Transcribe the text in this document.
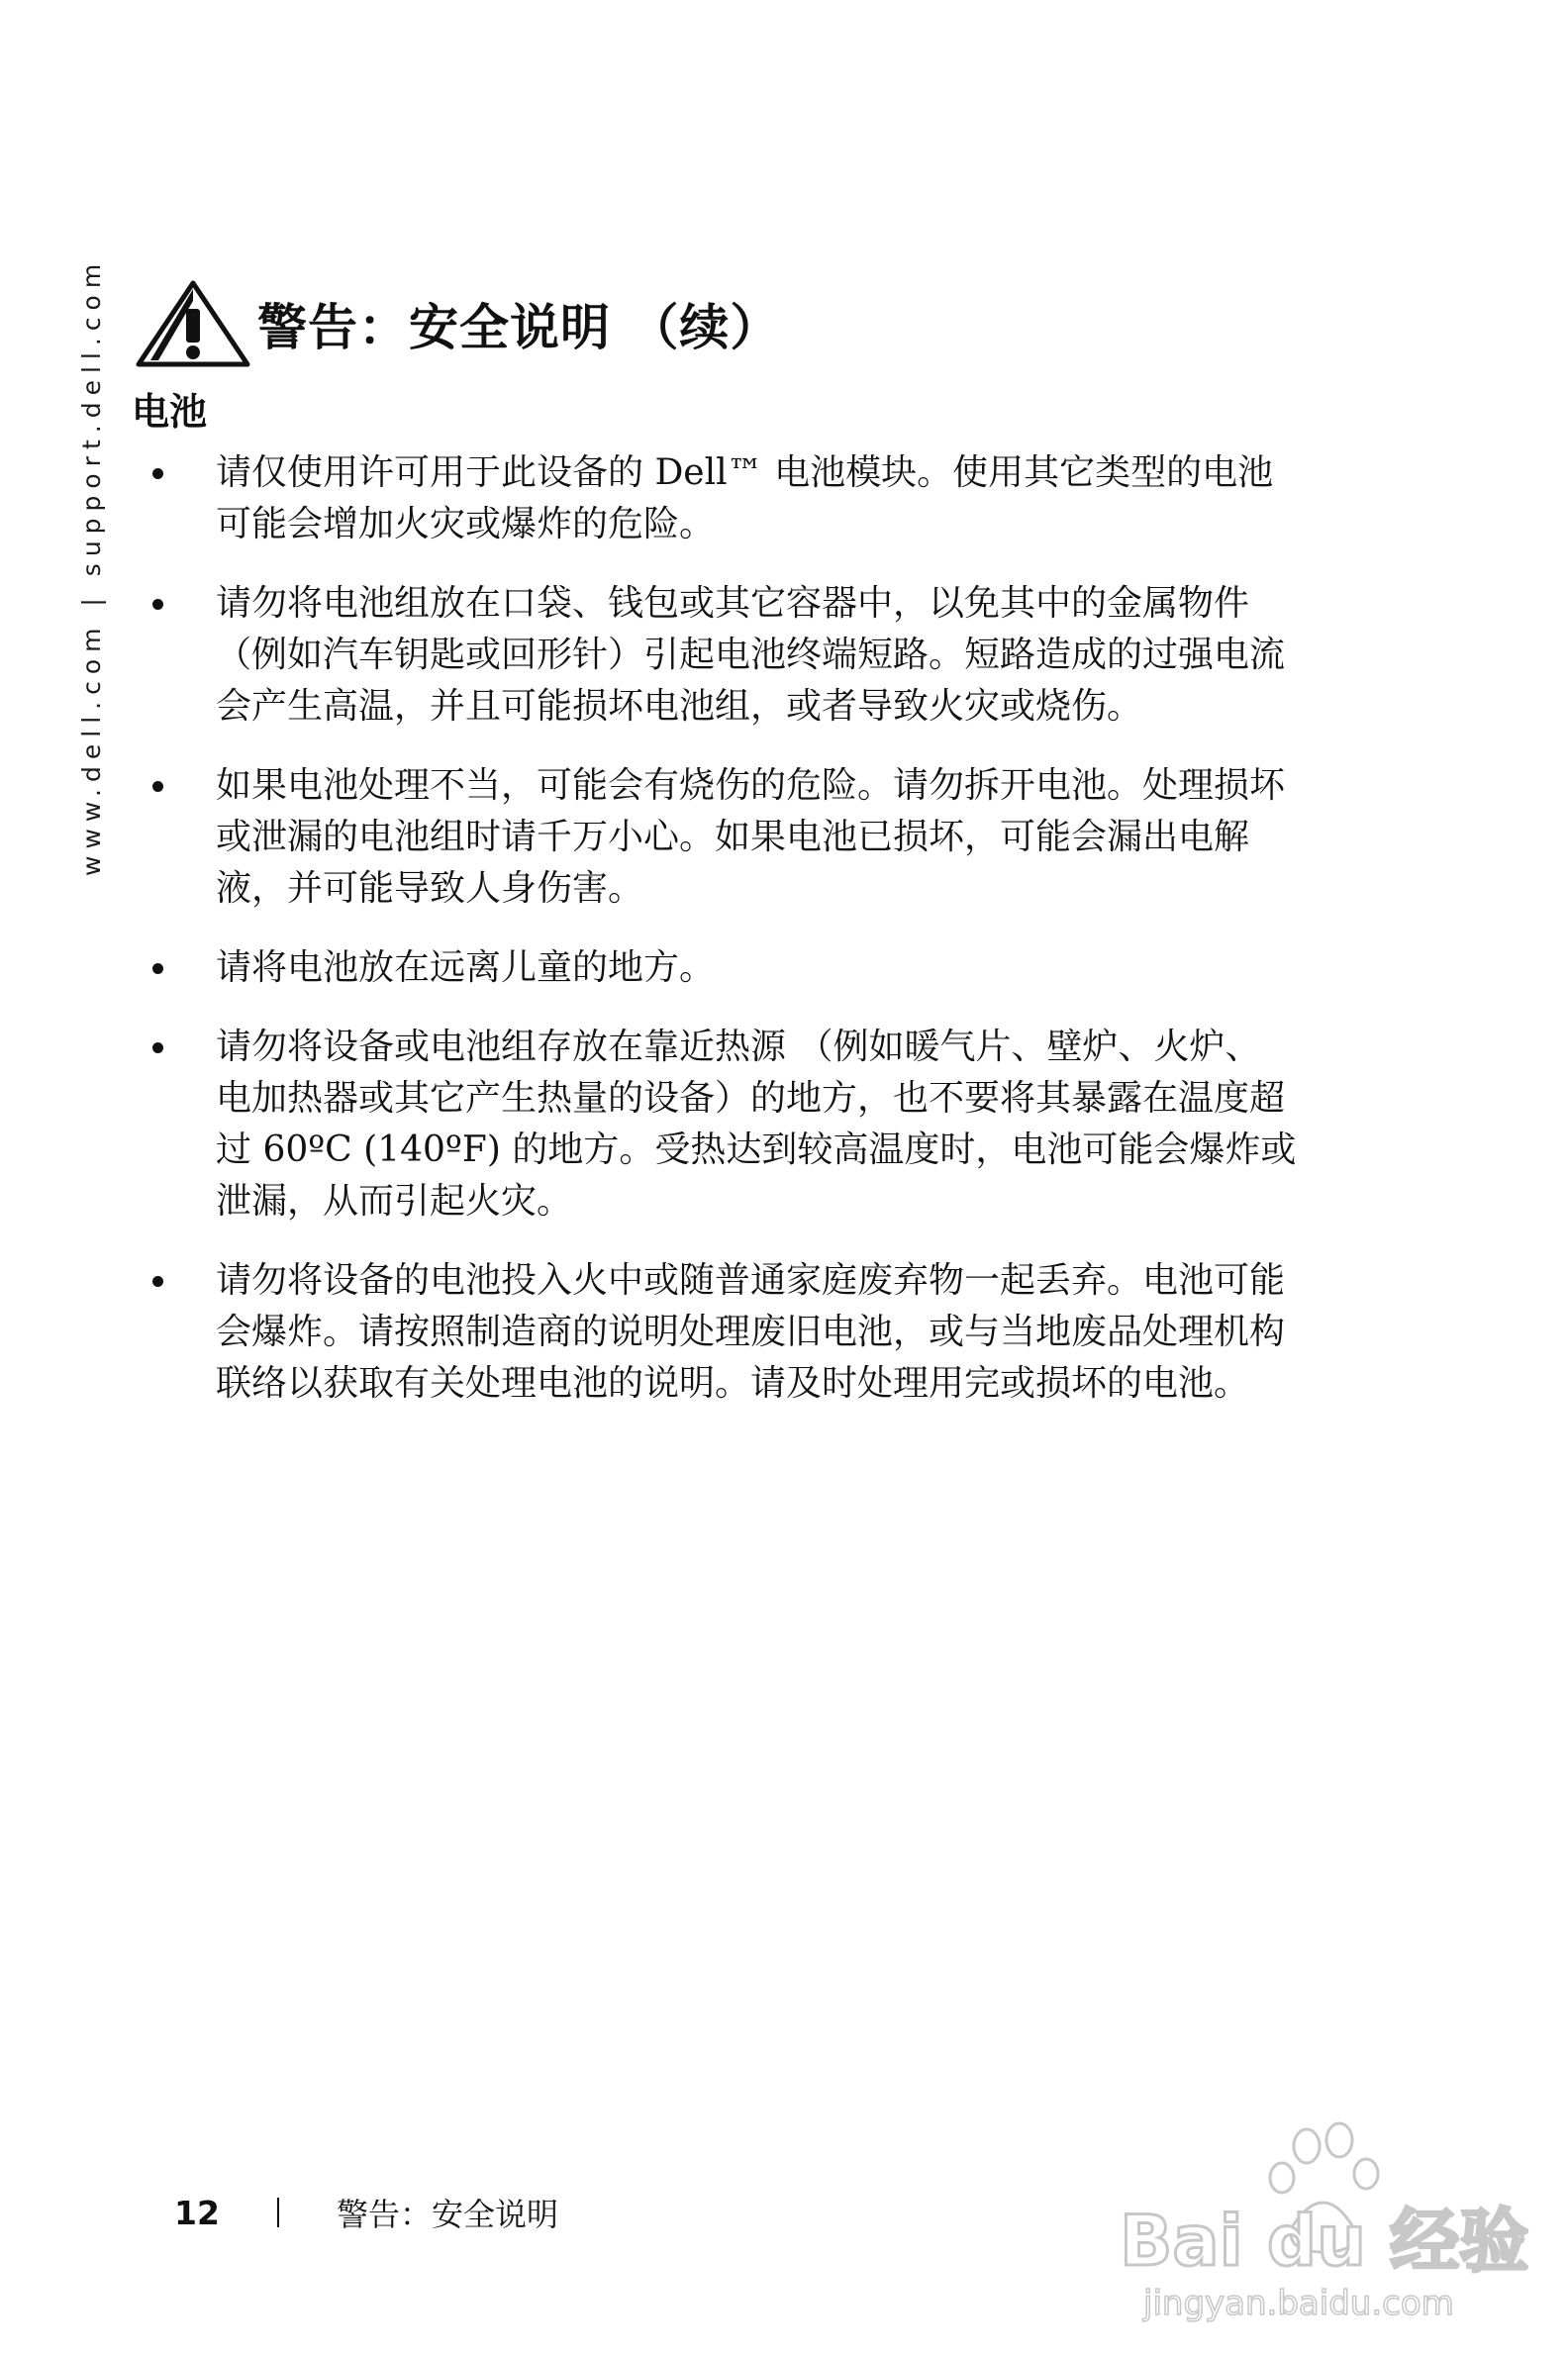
www.dell.com | support.dell.com	警告：安全说明 （续）
电池
请仅使用许可用于此设备的 Dell™ 电池模块。使用其它类型的电池
可能会增加火灾或爆炸的危险。
请勿将电池组放在口袋、钱包或其它容器中，以免其中的金属物件
（例如汽车钥匙或回形针）引起电池终端短路。短路造成的过强电流
会产生高温，并且可能损坏电池组，或者导致火灾或烧伤。
如果电池处理不当，可能会有烧伤的危险。请勿拆开电池。处理损坏
或泄漏的电池组时请千万小心。如果电池已损坏，可能会漏出电解
液，并可能导致人身伤害。
请将电池放在远离儿童的地方。
请勿将设备或电池组存放在靠近热源 （例如暖气片、壁炉、火炉、
电加热器或其它产生热量的设备）的地方，也不要将其暴露在温度超
过 60ºC (140ºF) 的地方。受热达到较高温度时，电池可能会爆炸或
泄漏，从而引起火灾。
请勿将设备的电池投入火中或随普通家庭废弃物一起丢弃。电池可能
会爆炸。请按照制造商的说明处理废旧电池，或与当地废品处理机构
联络以获取有关处理电池的说明。请及时处理用完或损坏的电池。
12	警告：安全说明	Bai du 经验
jingyan.baidu.com
